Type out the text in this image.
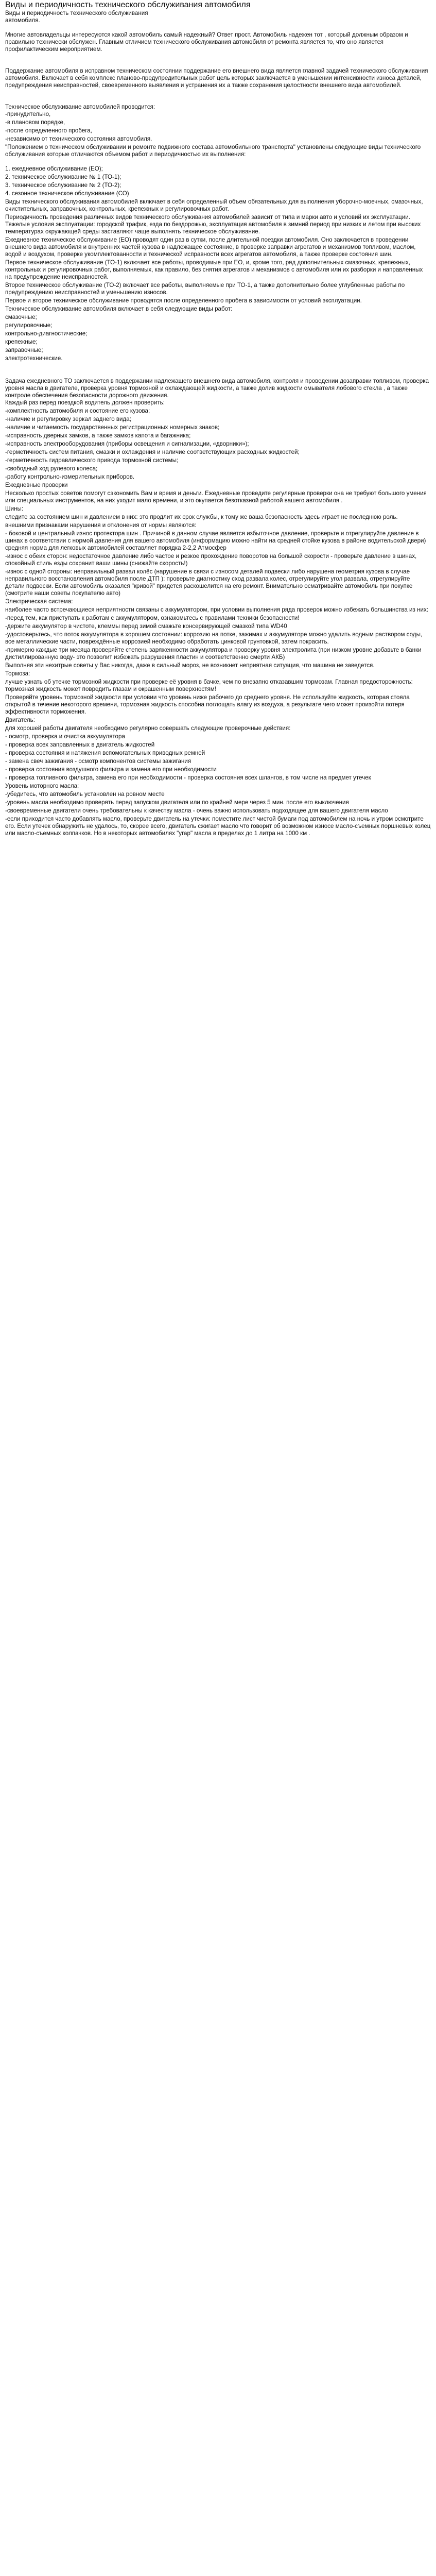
Виды и периодичность технического обслуживания автомобиля

Виды и периодичность технического обслуживания

автомобиля.

Многие автовладельцы интересуются какой автомобиль самый надежный? Ответ прост. Автомобиль надежен тот , который должным образом и правильно технически обслужен. Главным отличием технического обслуживания автомобиля от ремонта является то, что оно является профилактическим мероприятием.

Поддержание автомобиля в исправном техническом состоянии поддержание его внешнего вида является главной задачей технического обслуживания автомобиля. Включает в себя комплекс планово-предупредительных работ цель которых заключается в уменьшении интенсивности износа деталей, предупреждения неисправностей, своевременного выявления и устранения их а также сохранения целостности внешнего вида автомобилей.

Техническое обслуживание автомобилей проводится:

-принудительно,

-в плановом порядке,

-после определенного пробега,

-независимо от технического состояния автомобиля.

"Положением о техническом обслуживании и ремонте подвижного состава автомобильного транспорта" установлены следующие виды технического обслуживания которые отличаются объемом работ и периодичностью их выполнения:

1. ежедневное обслуживание (ЕО);

2. техническое обслуживание № 1 (ТО-1);

3. техническое обслуживание № 2 (ТО-2);

4. сезонное техническое обслуживание (СО)

Виды технического обслуживания автомобилей включает в себя определенный объем обязательных для выполнения уборочно-моечных, смазочных, очистительных, заправочных, контрольных, крепежных и регулировочных работ.

Периодичность проведения различных видов технического обслуживания автомобилей зависит от типа и марки авто и условий их эксплуатации. Тяжелые условия эксплуатации: городской трафик, езда по бездорожью, эксплуатация автомобиля в зимний период при низких и летом при высоких температурах окружающей среды заставляют чаще выполнять техническое обслуживание.

Ежедневное техническое обслуживание (ЕО) проводят один раз в сутки, после длительной поездки автомобиля. Оно заключается в проведении внешнего вида автомобиля и внутренних частей кузова в надлежащее состояние, в проверке заправки агрегатов и механизмов топливом, маслом, водой и воздухом, проверке укомплектованности и технической исправности всех агрегатов автомобиля, а также проверке состояния шин.

Первое техническое обслуживание (ТО-1) включает все работы, проводимые при ЕО, и, кроме того, ряд дополнительных смазочных, крепежных, контрольных и регулировочных работ, выполняемых, как правило, без снятия агрегатов и механизмов с автомобиля или их разборки и направленных на предупреждение неисправностей.

Второе техническое обслуживание (ТО-2) включает все работы, выполняемые при ТО-1, а также дополнительно более углубленные работы по предупреждению неисправностей и уменьшению износов.

Первое и второе техническое обслуживание проводятся после определенного пробега в зависимости от условий эксплуатации.

Техническое обслуживание автомобиля включает в себя следующие виды работ:

смазочные;

регулировочные;

контрольно-диагностические;

крепежные;

заправочные;

электротехнические.

Задача ежедневного ТО заключается в поддержании надлежащего внешнего вида автомобиля, контроля и проведении дозаправки топливом, проверка уровня масла в двигателе, проверка уровня тормозной и охлаждающей жидкости, а также долив жидкости омывателя лобового стекла , а также контроле обеспечения безопасности дорожного движения.

Каждый раз перед поездкой водитель должен проверить:

-комплектность автомобиля и состояние его кузова;

-наличие и регулировку зеркал заднего вида;

-наличие и читаемость государственных регистрационных номерных знаков;

-исправность дверных замков, а также замков капота и багажника;

-исправность электрооборудования (приборы освещения и сигнализации, «дворники»);

-герметичность систем питания, смазки и охлаждения и наличие соответствующих расходных жидкостей;

-герметичность гидравлического привода тормозной системы;

-свободный ход рулевого колеса;

-работу контрольно-измерительных приборов.

Ежедневные проверки

Несколько простых советов помогут сэкономить Вам и время и деньги. Ежедневные проведите регулярные проверки она не требуют большого умения или специальных инструментов, на них уходит мало времени, и это окупается безотказной работой вашего автомобиля .

Шины:

следите за состоянием шин и давлением в них: это продлит их срок службы, к тому же ваша безопасность здесь играет не последнюю роль.

внешними признаками нарушения и отклонения от нормы являются:

- боковой и центральный износ протектора шин . Причиной в данном случае является избыточное давление, проверьте и отрегулируйте давление в шинах в соответствии с нормой давления для вашего автомобиля (информацию можно найти на средней стойке кузова в районе водительской двери) средняя норма для легковых автомобилей составляет порядка 2-2,2 Атмосфер

-износ с обеих сторон: недостаточное давление либо частое и резкое прохождение поворотов на большой скорости - проверьте давление в шинах, спокойный стиль езды сохранит ваши шины (снижайте скорость!)

-износ с одной стороны: неправильный развал колёс (нарушение в связи с износом деталей подвески либо нарушена геометрия кузова в случае неправильного восстановления автомобиля после ДТП ): проверьте диагностику сход развала колес, отрегулируйте угол развала, отрегулируйте детали подвески. Если автомобиль оказался "кривой" придется раскошелится на его ремонт. Внимательно осматривайте автомобиль при покупке (смотрите наши советы покупателю авто)

Электрическая система:

наиболее часто встречающиеся неприятности связаны с аккумулятором, при условии выполнения ряда проверок можно избежать большинства из них:

-перед тем, как приступать к работам с аккумулятором, ознакомьтесь с правилами техники безопасности!

-держите аккумулятор в чистоте, клеммы перед зимой смажьте консервирующей смазкой типа WD40

-удостоверьтесь, что поток аккумулятора в хорошем состоянии: коррозию на потке, зажимах и аккумуляторе можно удалить водным раствором соды, все металлические части, повреждённые коррозией необходимо обработать цинковой грунтовкой, затем покрасить.

-примерно каждые три месяца проверяйте степень заряженности аккумулятора и проверку уровня электролита (при низком уровне добавьте в банки дистиллированную воду- это позволит избежать разрушения пластин и соответственно смерти АКБ)

Выполняя эти нехитрые советы у Вас никогда, даже в сильный мороз, не возникнет неприятная ситуация, что машина не заведется.

Тормоза:

лучше узнать об утечке тормозной жидкости при проверке её уровня в бачке, чем по внезапно отказавшим тормозам. Главная предосторожность: тормозная жидкость может повредить глазам и окрашенным поверхностям!

Проверяйте уровень тормозной жидкости при условии что уровень ниже рабочего до среднего уровня. Не используйте жидкость, которая стояла открытой в течение некоторого времени, тормозная жидкость способна поглощать влагу из воздуха, а результате чего может произойти потеря эффективности торможения.

Двигатель:

для хорошей работы двигателя необходимо регулярно совершать следующие проверочные действия:

- осмотр, проверка и очистка аккумулятора

- проверка всех заправленных в двигатель жидкостей

- проверка состояния и натяжения вспомогательных приводных ремней

- замена свеч зажигания - осмотр компонентов системы зажигания

- проверка состояния воздушного фильтра и замена его при необходимости

- проверка топливного фильтра, замена его при необходимости - проверка состояния всех шлангов, в том числе на предмет утечек

Уровень моторного масла:

-убедитесь, что автомобиль установлен на ровном месте

-уровень масла необходимо проверять перед запуском двигателя или по крайней мере через 5 мин. после его выключения

-своевременные двигатели очень требовательны к качеству масла - очень важно использовать подходящее для вашего двигателя масло

-если приходится часто добавлять масло, проверьте двигатель на утечки: поместите лист чистой бумаги под автомобилем на ночь и утром осмотрите его. Если утечек обнаружить не удалось, то, скорее всего, двигатель сжигает масло что говорит об возможном износе масло-съемных поршневых колец или масло-съемных колпачков. Но в некоторых автомобилях "угар" масла в пределах до 1 литра на 1000 км .
